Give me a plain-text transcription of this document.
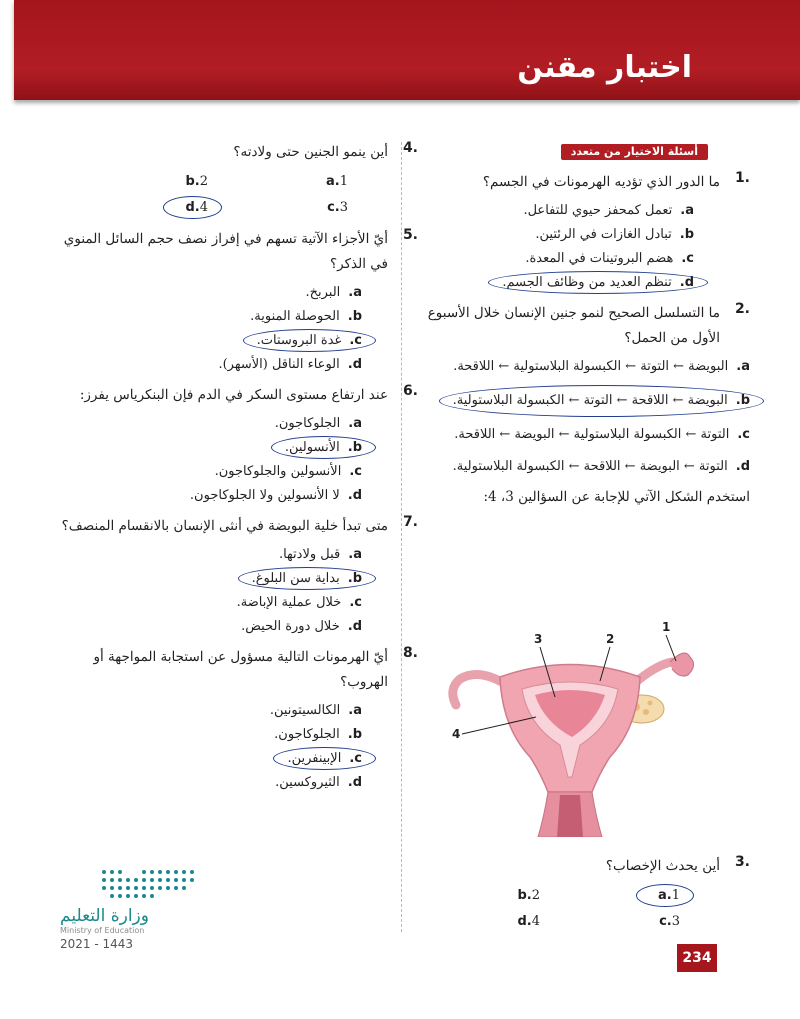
اختبار مقنن
أسئلة الاختيار من متعدد
1.

ما الدور الذي تؤديه الهرمونات في الجسم؟

a.تعمل كمحفز حيوي للتفاعل.
b.تبادل الغازات في الرئتين.
c.هضم البروتينات في المعدة.
d.تنظم العديد من وظائف الجسم.
2.

ما التسلسل الصحيح لنمو جنين الإنسان خلال الأسبوع الأول من الحمل؟

a.البويضة ← التوتة ← الكبسولة البلاستولية ← اللاقحة.
b.البويضة ← اللاقحة ← التوتة ← الكبسولة البلاستولية.
c.التوتة ← الكبسولة البلاستولية ← البويضة ← اللاقحة.
d.التوتة ← البويضة ← اللاقحة ← الكبسولة البلاستولية.

استخدم الشكل الآتي للإجابة عن السؤالين 3، 4:

1
2
3
4
3.

أين يحدث الإخصاب؟

a.1
b.2
c.3
d.4
4.

أين ينمو الجنين حتى ولادته؟

a.1
b.2
c.3
d.4
5.

أيّ الأجزاء الآتية تسهم في إفراز نصف حجم السائل المنوي في الذكر؟

a.البربخ.
b.الحوصلة المنوية.
c.غدة البروستات.
d.الوعاء الناقل (الأسهر).
6.

عند ارتفاع مستوى السكر في الدم فإن البنكرياس يفرز:

a.الجلوكاجون.
b.الأنسولين.
c.الأنسولين والجلوكاجون.
d.لا الأنسولين ولا الجلوكاجون.
7.

متى تبدأ خلية البويضة في أنثى الإنسان بالانقسام المنصف؟

a.قبل ولادتها.
b.بداية سن البلوغ.
c.خلال عملية الإباضة.
d.خلال دورة الحيض.
8.

أيّ الهرمونات التالية مسؤول عن استجابة المواجهة أو الهروب؟

a.الكالسيتونين.
b.الجلوكاجون.
c.الإبينفرين.
d.الثيروكسين.

وزارة التعليم

Ministry of Education

2021 - 1443

234
